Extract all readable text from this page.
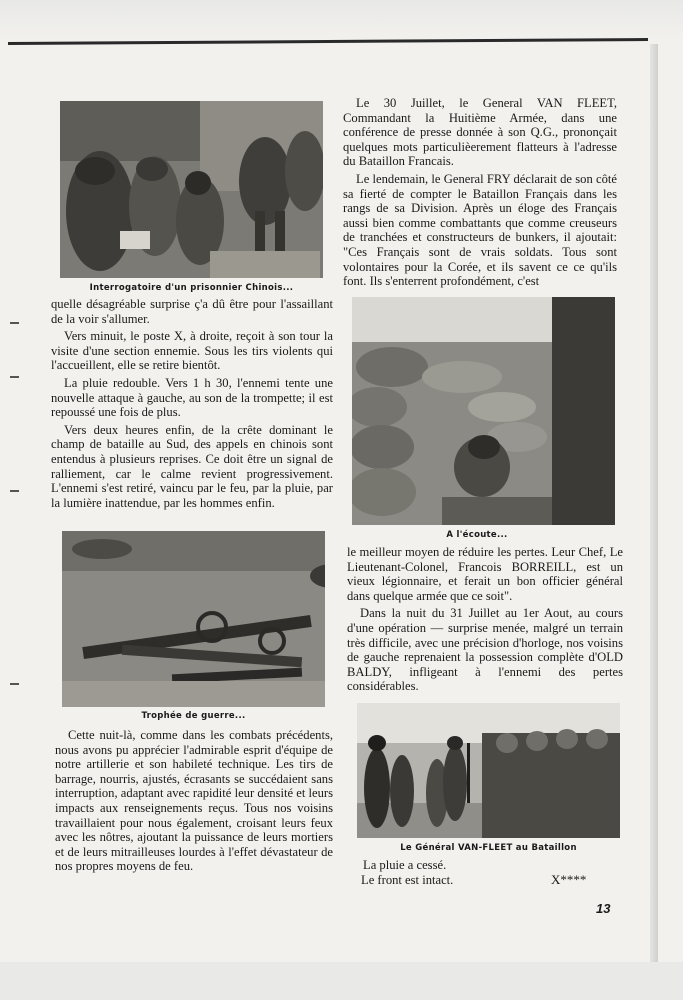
Interrogatoire d'un prisonnier Chinois...

quelle désagréable surprise ç'a dû être pour l'assaillant de la voir s'allumer.

Vers minuit, le poste X, à droite, reçoit à son tour la visite d'une section ennemie. Sous les tirs violents qui l'accueillent, elle se retire bientôt.

La pluie redouble. Vers 1 h 30, l'ennemi tente une nouvelle attaque à gauche, au son de la trompette; il est repoussé une fois de plus.

Vers deux heures enfin, de la crête dominant le champ de bataille au Sud, des appels en chinois sont entendus à plusieurs reprises. Ce doit être un signal de ralliement, car le calme revient progressivement. L'ennemi s'est retiré, vaincu par le feu, par la pluie, par la lumière inattendue, par les hommes enfin.

Trophée de guerre...

Cette nuit-là, comme dans les combats précédents, nous avons pu apprécier l'admirable esprit d'équipe de notre artillerie et son habileté technique. Les tirs de barrage, nourris, ajustés, écrasants se succédaient sans interruption, adaptant avec rapidité leur densité et leurs impacts aux renseignements reçus. Tous nos voisins travaillaient pour nous également, croisant leurs feux avec les nôtres, ajoutant la puissance de leurs mortiers et de leurs mitrailleuses lourdes à l'effet dévastateur de nos propres moyens de feu.

Le 30 Juillet, le General VAN FLEET, Commandant la Huitième Armée, dans une conférence de presse donnée à son Q.G., prononçait quelques mots particulièerement flatteurs à l'adresse du Bataillon Francais.

Le lendemain, le General FRY déclarait de son côté sa fierté de compter le Bataillon Français dans les rangs de sa Division. Après un éloge des Français aussi bien comme combattants que comme creuseurs de tranchées et constructeurs de bunkers, il ajoutait: "Ces Français sont de vrais soldats. Tous sont volontaires pour la Corée, et ils savent ce ce qu'ils font. Ils s'enterrent profondément, c'est

A l'écoute...

le meilleur moyen de réduire les pertes. Leur Chef, Le Lieutenant-Colonel, Francois BORREILL, est un vieux légionnaire, et ferait un bon officier général dans quelque armée que ce soit".

Dans la nuit du 31 Juillet au 1er Aout, au cours d'une opération — surprise menée, malgré un terrain très difficile, avec une précision d'horloge, nos voisins de gauche reprenaient la possession complète d'OLD BALDY, infligeant à l'ennemi des pertes considérables.

Le Général VAN-FLEET au Bataillon
La pluie a cessé.
Le front est intact.	X****
13
